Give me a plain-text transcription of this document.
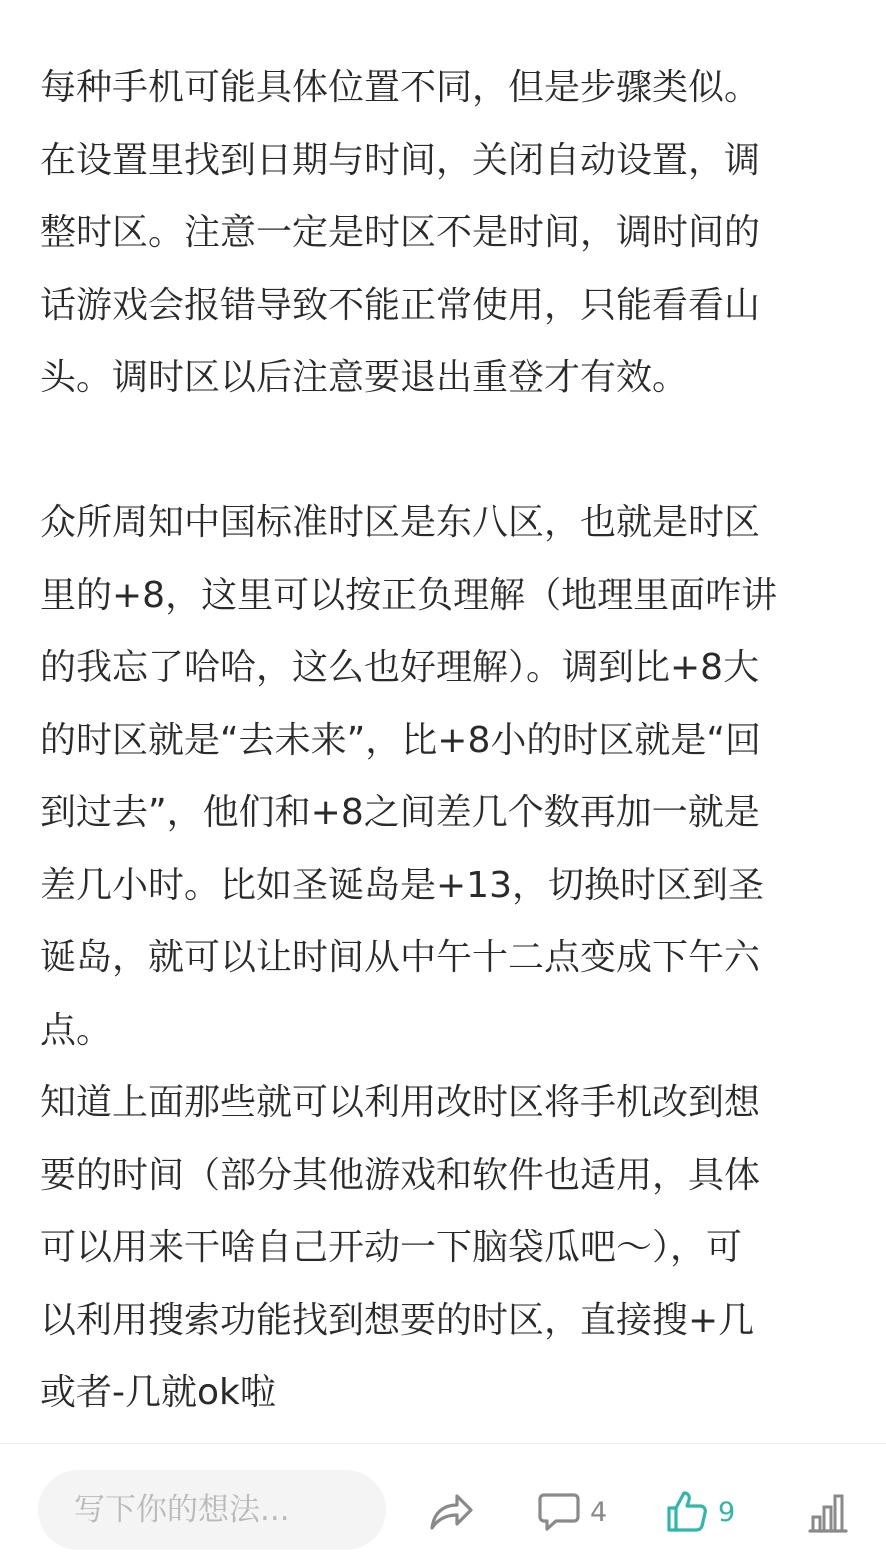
每种手机可能具体位置不同，但是步骤类似。
在设置里找到日期与时间，关闭自动设置，调
整时区。注意一定是时区不是时间，调时间的
话游戏会报错导致不能正常使用，只能看看山
头。调时区以后注意要退出重登才有效。
众所周知中国标准时区是东八区，也就是时区
里的+8，这里可以按正负理解（地理里面咋讲
的我忘了哈哈，这么也好理解）。调到比+8大
的时区就是“去未来”，比+8小的时区就是“回
到过去”，他们和+8之间差几个数再加一就是
差几小时。比如圣诞岛是+13，切换时区到圣
诞岛，就可以让时间从中午十二点变成下午六
点。
知道上面那些就可以利用改时区将手机改到想
要的时间（部分其他游戏和软件也适用，具体
可以用来干啥自己开动一下脑袋瓜吧～），可
以利用搜索功能找到想要的时区，直接搜+几
或者-几就ok啦
写下你的想法...	4	9
